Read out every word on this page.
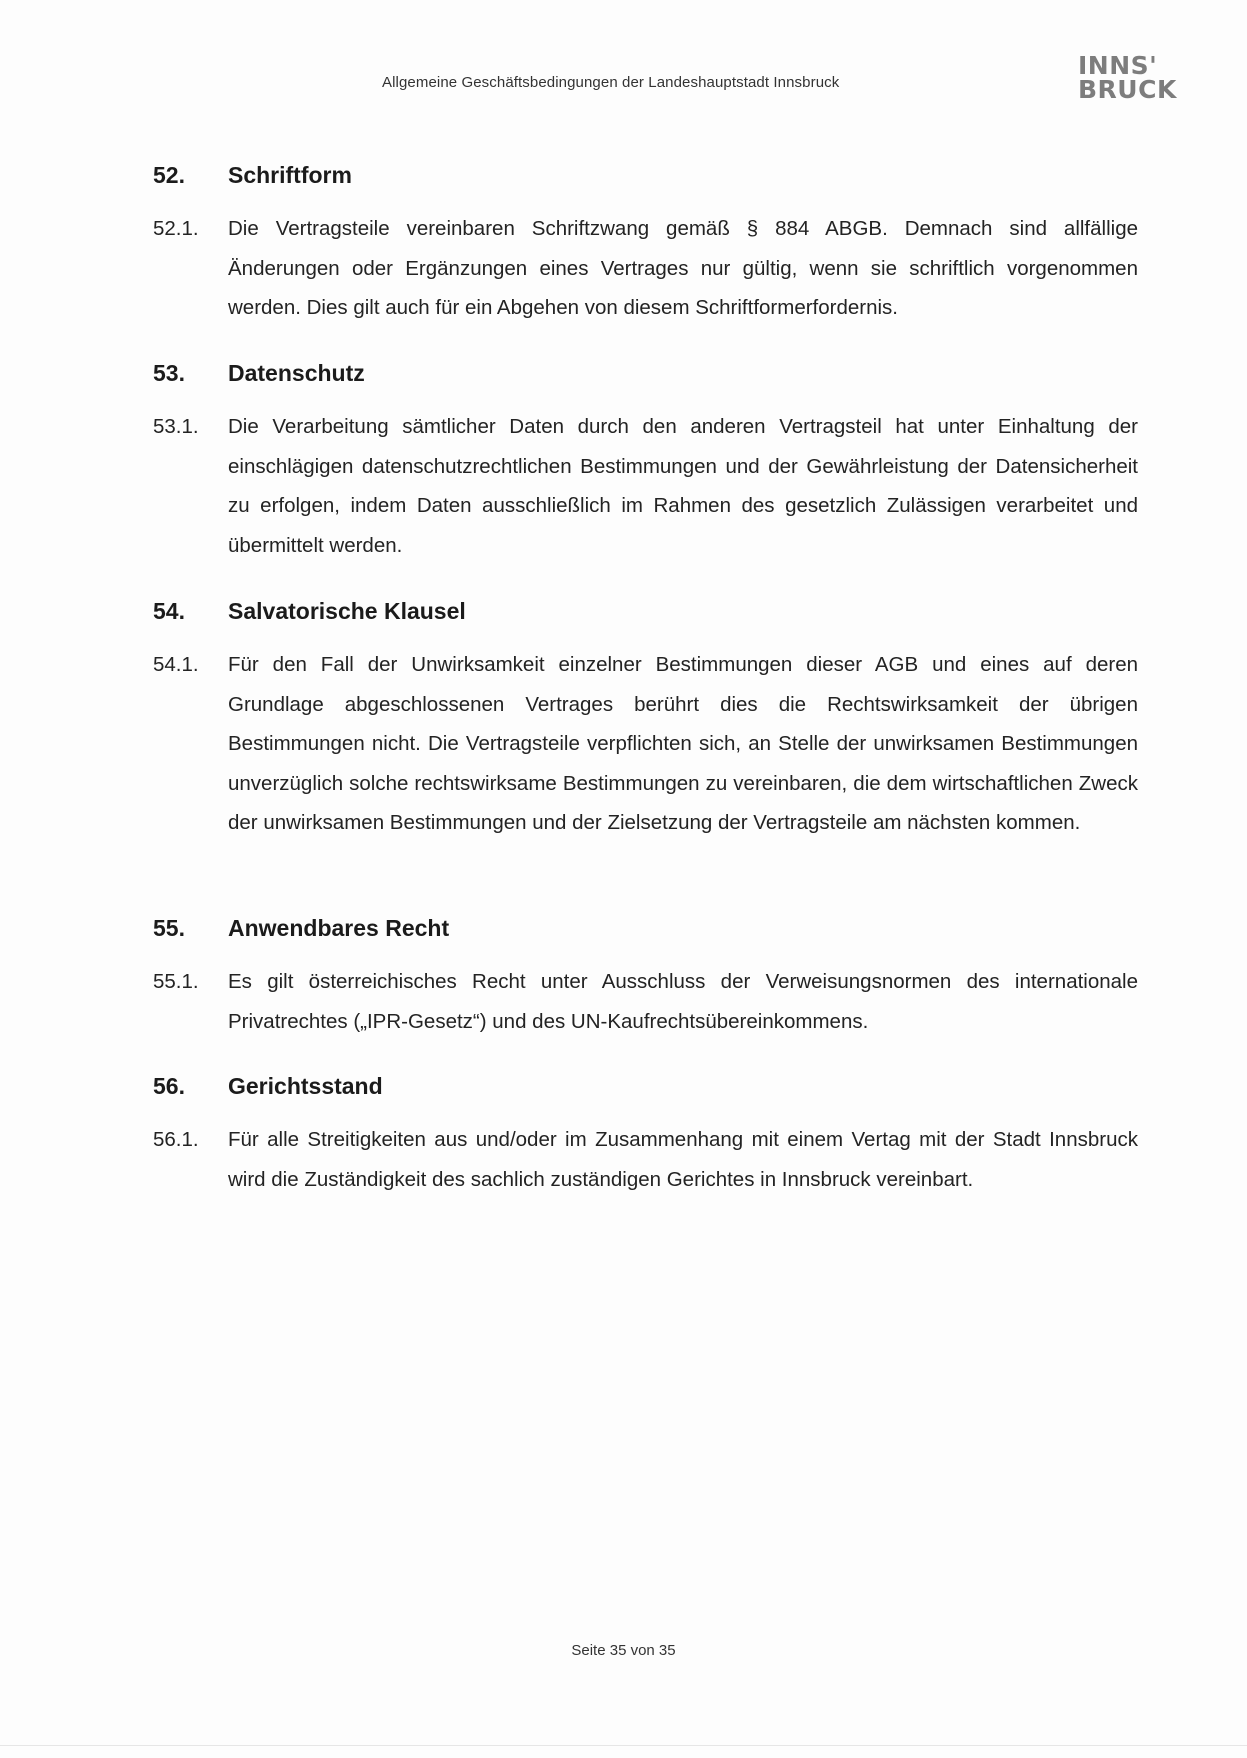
Allgemeine Geschäftsbedingungen der Landeshauptstadt Innsbruck
INNS'
BRUCK
52.	Schriftform
52.1.	Die Vertragsteile vereinbaren Schriftzwang gemäß § 884 ABGB. Demnach sind allfällige Änderungen oder Ergänzungen eines Vertrages nur gültig, wenn sie schriftlich vorgenommen werden. Dies gilt auch für ein Abgehen von diesem Schriftformerfordernis.
53.	Datenschutz
53.1.	Die Verarbeitung sämtlicher Daten durch den anderen Vertragsteil hat unter Einhaltung der einschlägigen datenschutzrechtlichen Bestimmungen und der Gewährleistung der Datensicherheit zu erfolgen, indem Daten ausschließlich im Rahmen des gesetzlich Zulässigen verarbeitet und übermittelt werden.
54.	Salvatorische Klausel
54.1.	Für den Fall der Unwirksamkeit einzelner Bestimmungen dieser AGB und eines auf deren Grundlage abgeschlossenen Vertrages berührt dies die Rechtswirksamkeit der übrigen Bestimmungen nicht. Die Vertragsteile verpflichten sich, an Stelle der unwirksamen Bestimmungen unverzüglich solche rechtswirksame Bestimmungen zu vereinbaren, die dem wirtschaftlichen Zweck der unwirksamen Bestimmungen und der Zielsetzung der Vertragsteile am nächsten kommen.
55.	Anwendbares Recht
55.1.	Es gilt österreichisches Recht unter Ausschluss der Verweisungsnormen des internationale Privatrechtes („IPR-Gesetz“) und des UN-Kaufrechtsübereinkommens.
56.	Gerichtsstand
56.1.	Für alle Streitigkeiten aus und/oder im Zusammenhang mit einem Vertag mit der Stadt Innsbruck wird die Zuständigkeit des sachlich zuständigen Gerichtes in Innsbruck vereinbart.
Seite 35 von 35
